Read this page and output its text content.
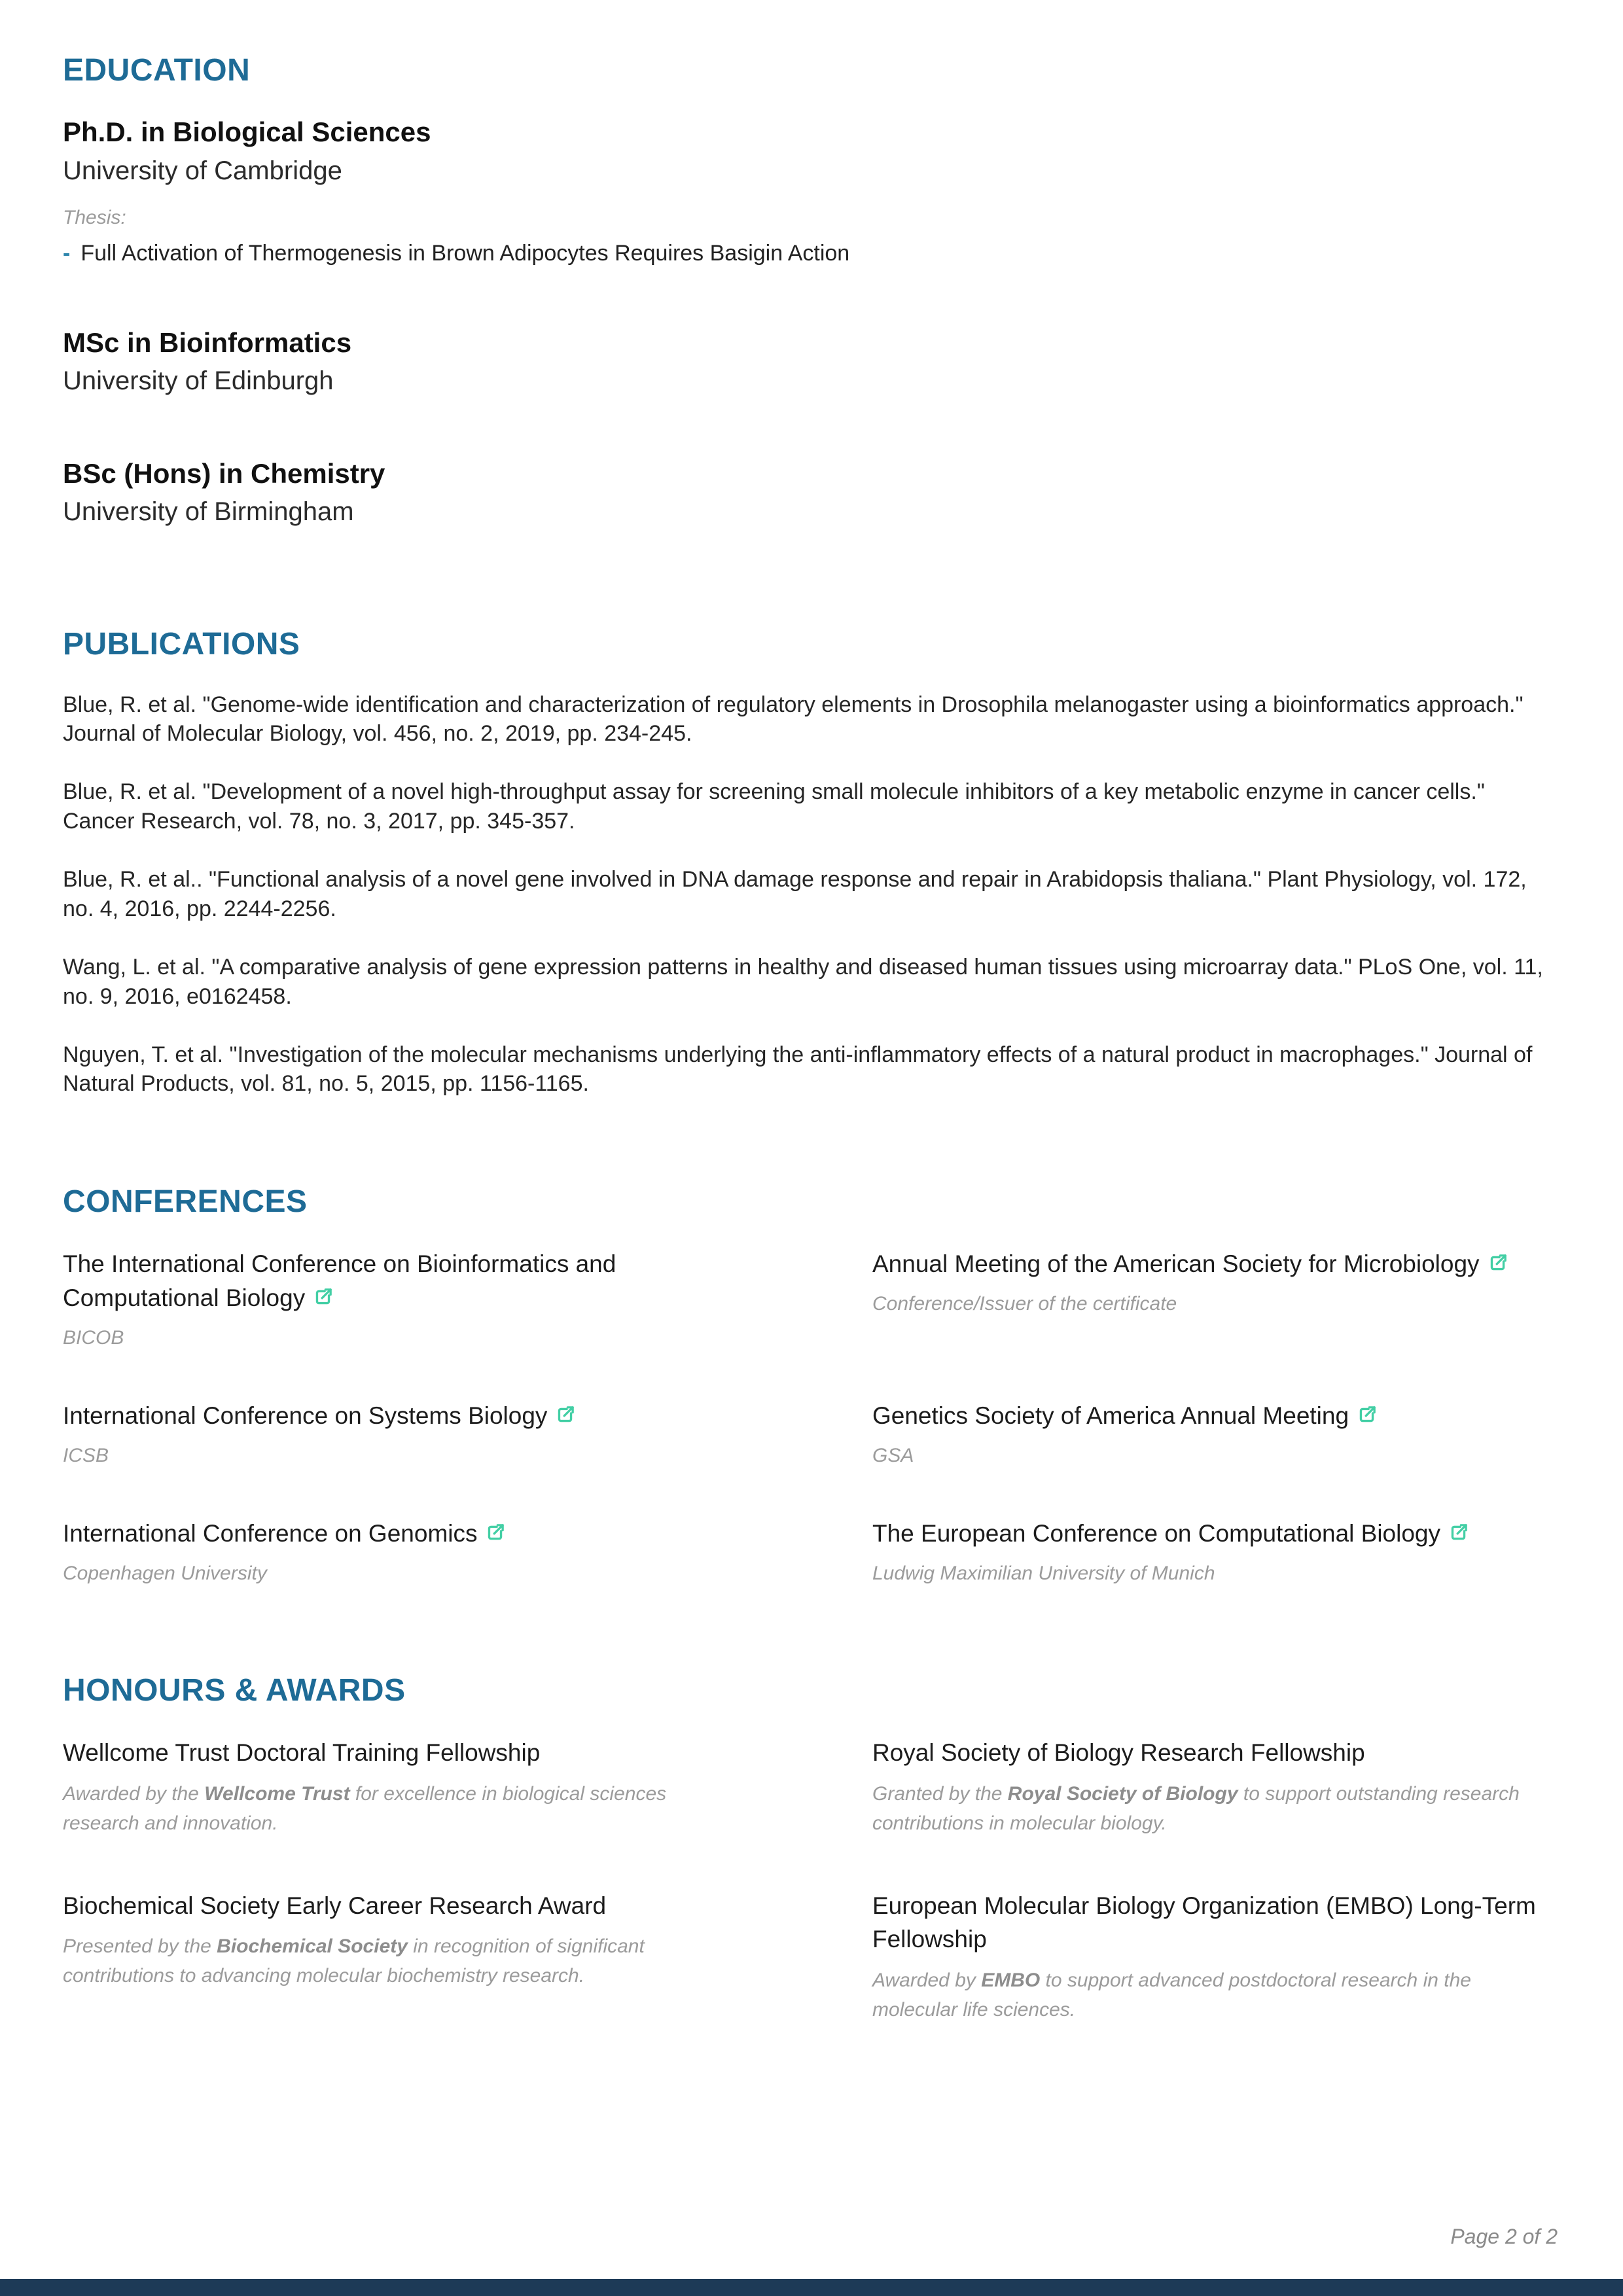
EDUCATION
Ph.D. in Biological Sciences
University of Cambridge
Thesis:
-
Full Activation of Thermogenesis in Brown Adipocytes Requires Basigin Action
MSc in Bioinformatics
University of Edinburgh
BSc (Hons) in Chemistry
University of Birmingham
PUBLICATIONS

Blue, R. et al. "Genome-wide identification and characterization of regulatory elements in Drosophila melanogaster using a bioinformatics approach." Journal of Molecular Biology, vol. 456, no. 2, 2019, pp. 234-245.

Blue, R. et al. "Development of a novel high-throughput assay for screening small molecule inhibitors of a key metabolic enzyme in cancer cells." Cancer Research, vol. 78, no. 3, 2017, pp. 345-357.

Blue, R. et al.. "Functional analysis of a novel gene involved in DNA damage response and repair in Arabidopsis thaliana." Plant Physiology, vol. 172, no. 4, 2016, pp. 2244-2256.

Wang, L. et al. "A comparative analysis of gene expression patterns in healthy and diseased human tissues using microarray data." PLoS One, vol. 11, no. 9, 2016, e0162458.

Nguyen, T. et al. "Investigation of the molecular mechanisms underlying the anti-inflammatory effects of a natural product in macrophages." Journal of Natural Products, vol. 81, no. 5, 2015, pp. 1156-1165.

CONFERENCES
The International Conference on Bioinformatics and Computational Biology
BICOB
Annual Meeting of the American Society for Microbiology
Conference/Issuer of the certificate
International Conference on Systems Biology
ICSB
Genetics Society of America Annual Meeting
GSA
International Conference on Genomics
Copenhagen University
The European Conference on Computational Biology
Ludwig Maximilian University of Munich
HONOURS & AWARDS
Wellcome Trust Doctoral Training Fellowship
Awarded by the Wellcome Trust for excellence in biological sciences research and innovation.
Royal Society of Biology Research Fellowship
Granted by the Royal Society of Biology to support outstanding research contributions in molecular biology.
Biochemical Society Early Career Research Award
Presented by the Biochemical Society in recognition of significant contributions to advancing molecular biochemistry research.
European Molecular Biology Organization (EMBO) Long-Term Fellowship
Awarded by EMBO to support advanced postdoctoral research in the molecular life sciences.
Page 2 of 2
